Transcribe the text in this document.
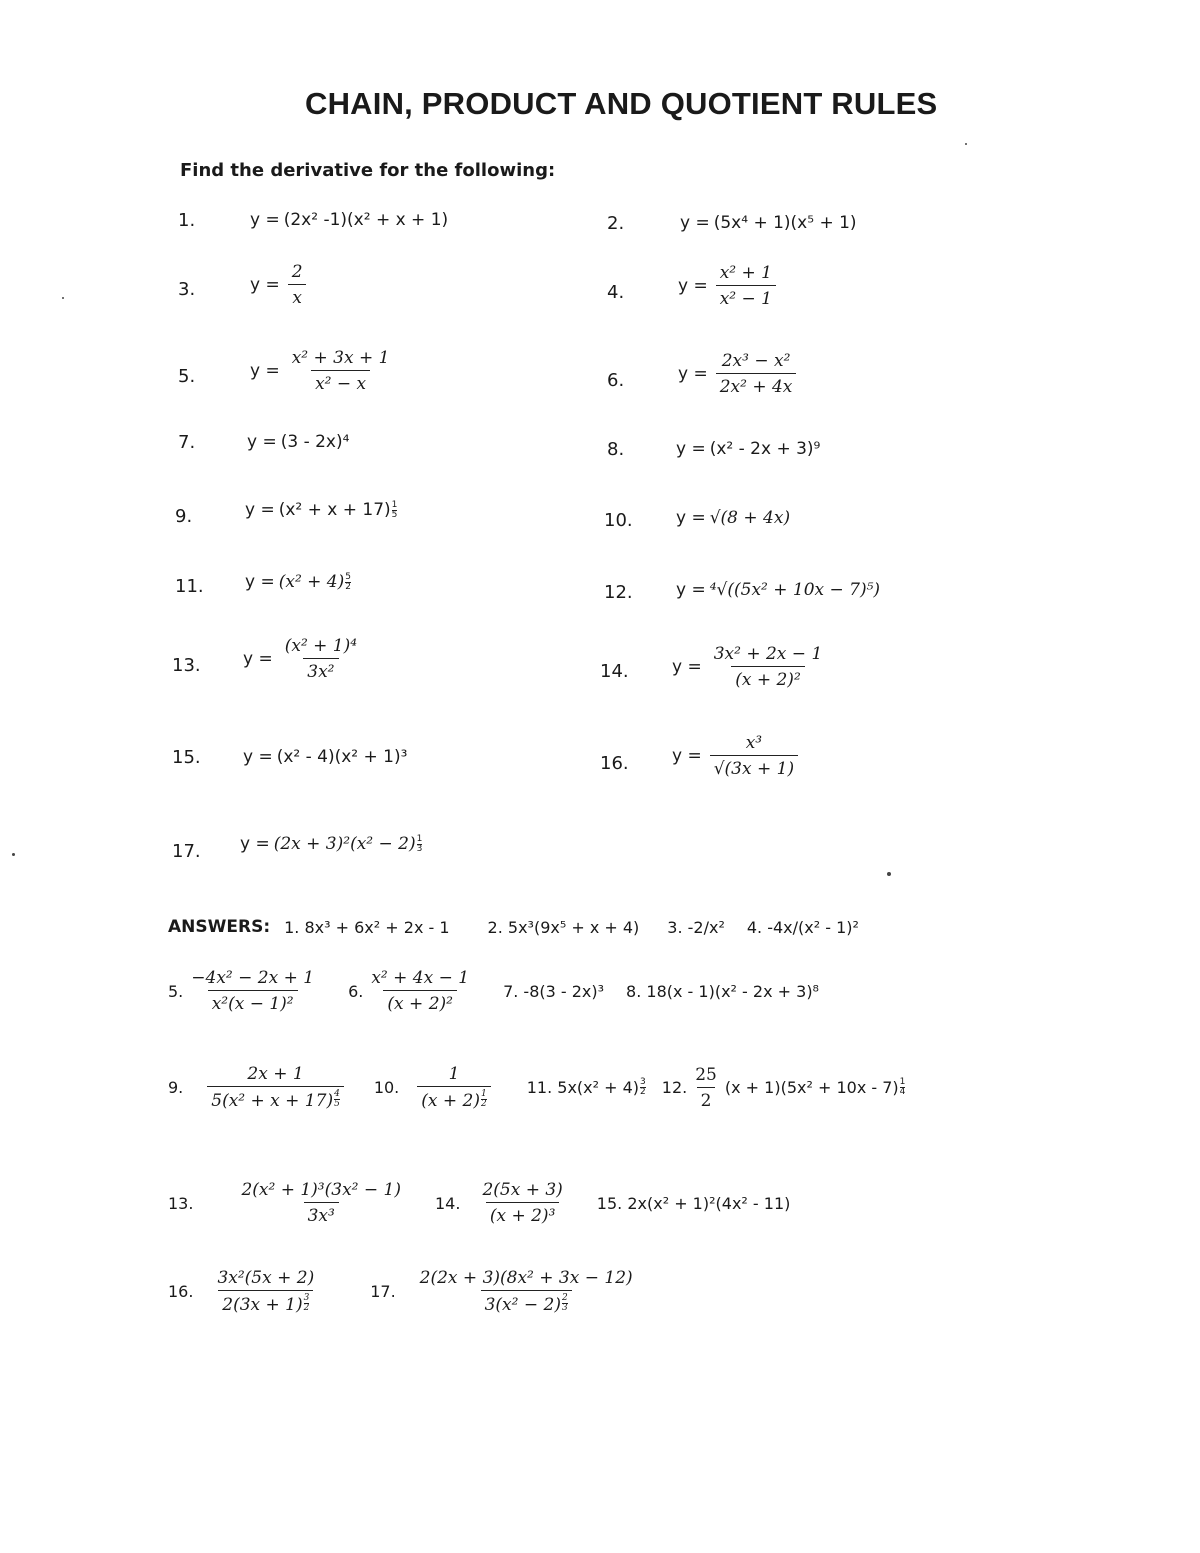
CHAIN, PRODUCT AND QUOTIENT RULES
Find the derivative for the following:
1.	y = (2x² -1)(x² + x + 1)	2.	y = (5x⁴ + 1)(x⁵ + 1)
3.	$y = \frac{2}{x}$	4.	$y = \frac{\text{x² + 1}}{\text{x² − 1}}$
5.	$y = \frac{\text{x² + 3x + 1}}{\text{x² − x}}$	6.	$y = \frac{\text{2x³ − x²}}{\text{2x² + 4x}}$
7.	y = (3 - 2x)⁴	8.	y = (x² - 2x + 3)⁹
9.	$y = (x^2 + x + 17) \frac{1}{5}$	10.	y = √(8 + 4x)
11. $y = (x^2 + 4) \frac{5}{2}$	12.	y = ⁴√((5x² + 10x − 7)⁵)
13. $y = \frac{\text{(x² + 1)⁴}}{\text{3x²}}$	14.	$y = \frac{\text{3x² + 2x − 1}}{\text{(x + 2)²}}$
15. y = (x² - 4)(x² + 1)³	16.	$y = \frac{\text{x³}}{√(3x + 1)}$
17. $y = (2x + 3)^2(x^2 - 2) \frac{1}{3}$
ANSWERS: 1. 8x³ + 6x² + 2x - 1 2. 5x³(9x⁵ + x + 4) 3. -2/x² 4. -4x/(x² - 1)²
5. $\frac{\text{−4x² − 2x + 1}}{\text{x²(x − 1)²}} 6$. $\frac{\text{x² + 4x − 1}}{\text{(x + 2)²}} 7$. -8(3 - 2x)³ 8. 18(x - 1)(x² - 2x + 3)⁸
9. $\frac{2x + 1}{5(x^2 + x + 17) \frac{4}{5}} 10$. $\frac{1}{(x + 2) \frac{1}{2}} 11$. $5x(x^2 + 4) \frac{3}{2} 12$. $\frac{25}{2} (x + 1)(5x^2 + 10x - 7) \frac{1}{4}$
13.	$\frac{\text{2(x² + 1)³(3x² − 1)}}{\text{3x³}} 14$. $\frac{2(5x + 3)}{\text{(x + 2)³}} 15$. 2x(x² + 1)²(4x² - 11)
16. $\frac{\text{3x²(5x + 2)}}{2(3x + 1) \frac{3}{2}}$	17. $\frac{\text{2(2x + 3)(8x² + 3x − 12)}}{3(x^2 - 2) \frac{2}{3}}$
